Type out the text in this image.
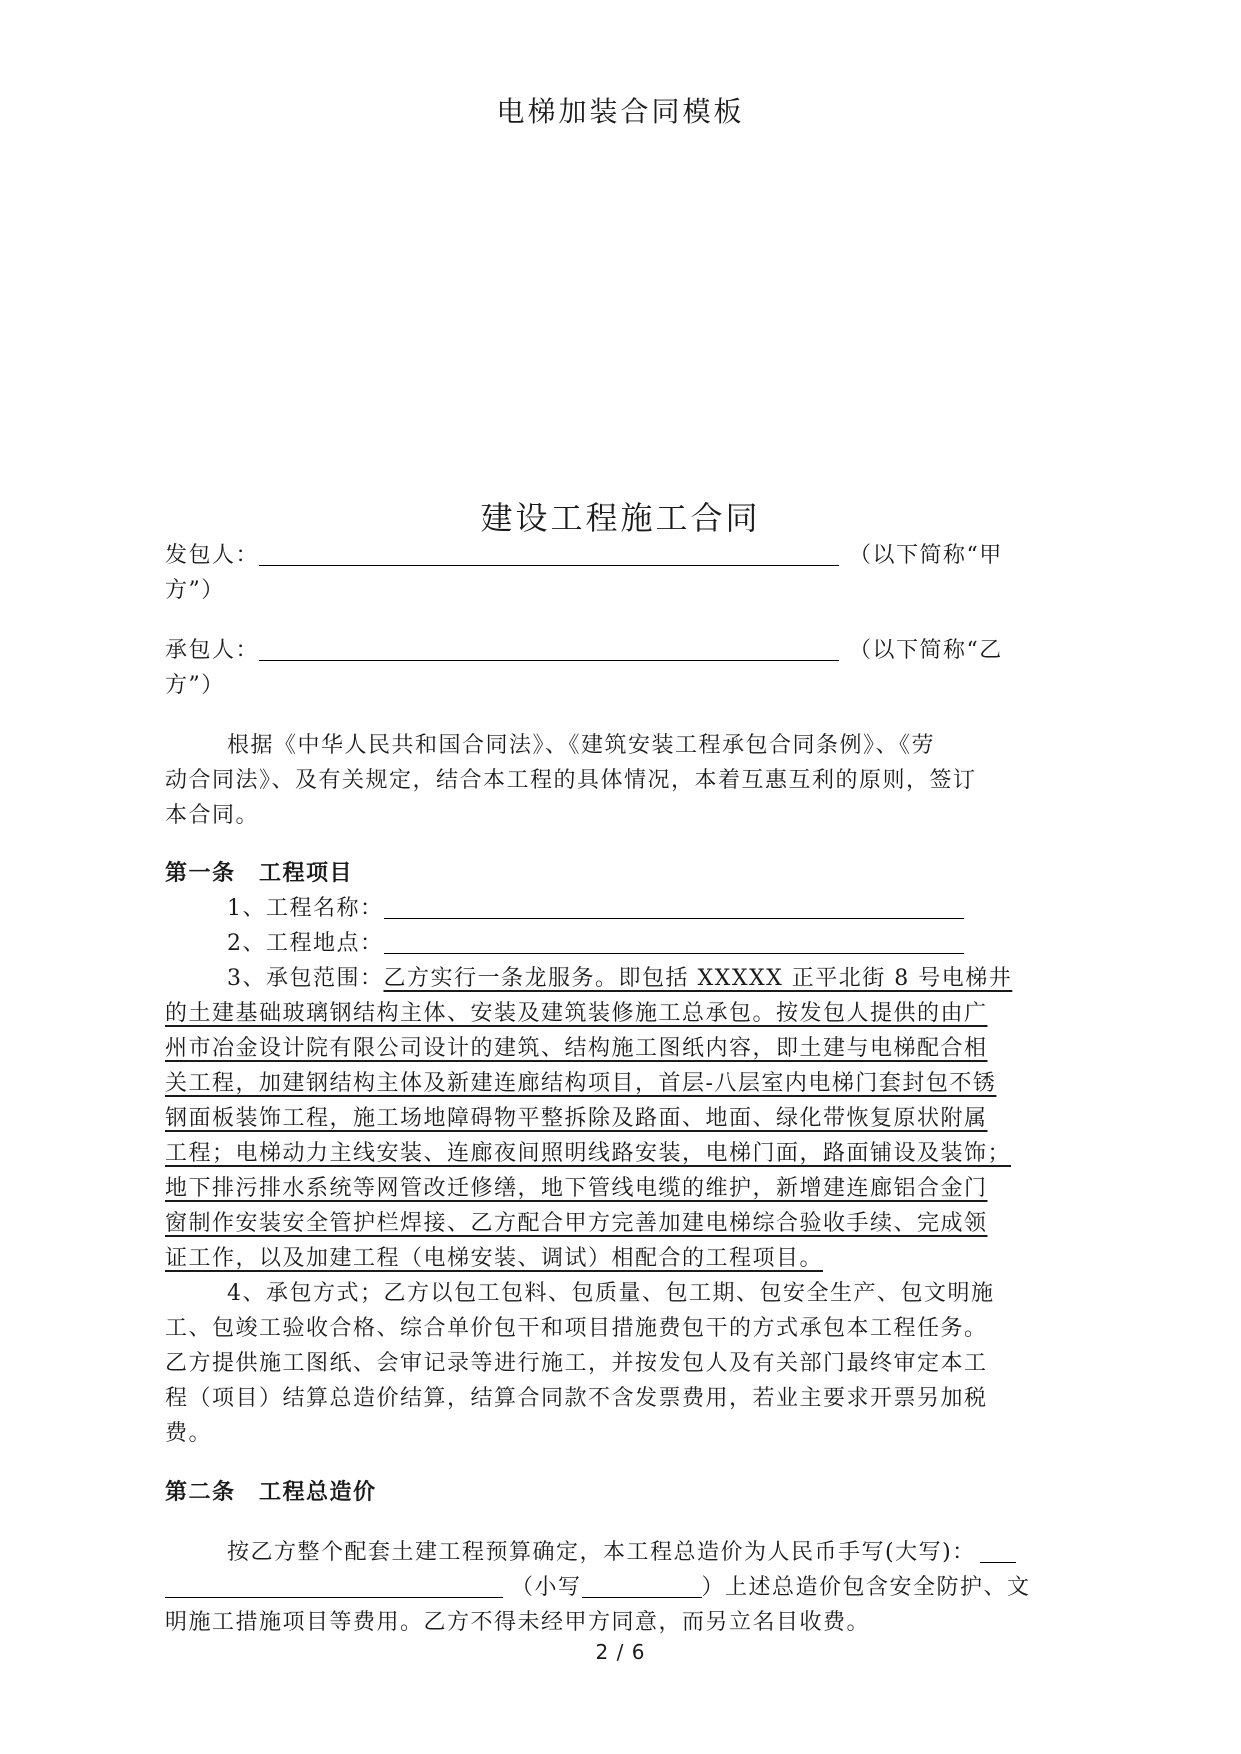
电梯加装合同模板
建设工程施工合同
发包人：	（以下简称“甲
方”）
承包人：	（以下简称“乙
方”）
根据《中华人民共和国合同法》、《建筑安装工程承包合同条例》、《劳
动合同法》、及有关规定，结合本工程的具体情况，本着互惠互利的原则，签订
本合同。
第一条　工程项目
1、工程名称：
2、工程地点：
3、承包范围：乙方实行一条龙服务。即包括 XXXXX 正平北街 8 号电梯井
的土建基础玻璃钢结构主体、安装及建筑装修施工总承包。按发包人提供的由广
州市冶金设计院有限公司设计的建筑、结构施工图纸内容，即土建与电梯配合相
关工程，加建钢结构主体及新建连廊结构项目，首层-八层室内电梯门套封包不锈
钢面板装饰工程，施工场地障碍物平整拆除及路面、地面、绿化带恢复原状附属
工程；电梯动力主线安装、连廊夜间照明线路安装，电梯门面，路面铺设及装饰；
地下排污排水系统等网管改迁修缮，地下管线电缆的维护，新增建连廊铝合金门
窗制作安装安全管护栏焊接、乙方配合甲方完善加建电梯综合验收手续、完成领
证工作，以及加建工程（电梯安装、调试）相配合的工程项目。
4、承包方式；乙方以包工包料、包质量、包工期、包安全生产、包文明施
工、包竣工验收合格、综合单价包干和项目措施费包干的方式承包本工程任务。
乙方提供施工图纸、会审记录等进行施工，并按发包人及有关部门最终审定本工
程（项目）结算总造价结算，结算合同款不含发票费用，若业主要求开票另加税
费。
第二条　工程总造价
按乙方整个配套土建工程预算确定，本工程总造价为人民币手写(大写)：
（小写	）上述总造价包含安全防护、文
明施工措施项目等费用。乙方不得未经甲方同意，而另立名目收费。
2 / 6
